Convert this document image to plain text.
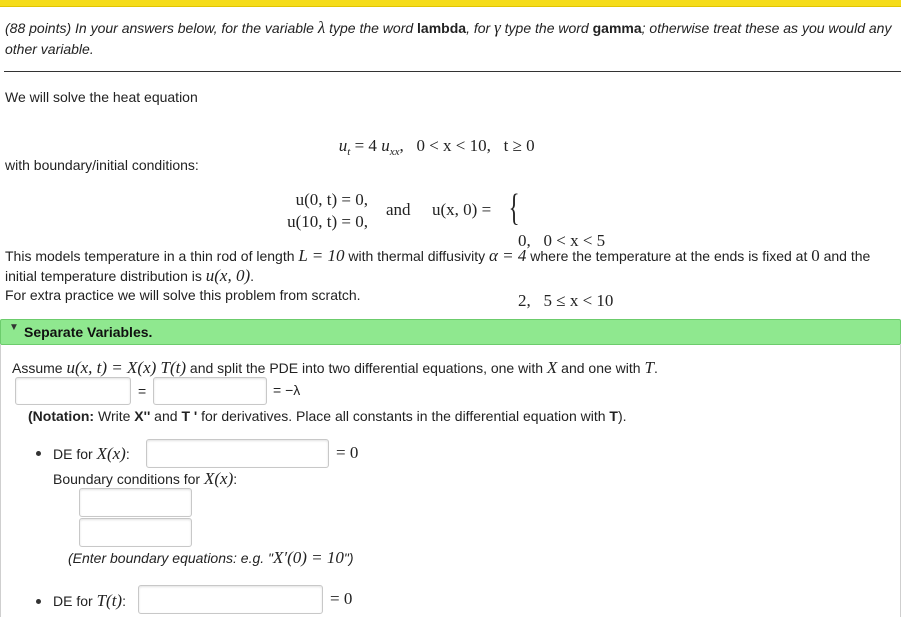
(88 points) In your answers below, for the variable λ type the word lambda, for γ type the word gamma; otherwise treat these as you would any other variable.
We will solve the heat equation

$u_t = 4$ $u_{xx}$,   0 < x < 10,   t ≥ 0

with boundary/initial conditions:
u(0, t) = 0,
u(10, t) = 0,
and u(x, 0) = {

0,   0 < x < 5

2,   5 ≤ x < 10

This models temperature in a thin rod of length L = 10 with thermal diffusivity α = 4 where the temperature at the ends is fixed at 0 and the
initial temperature distribution is u(x, 0).
For extra practice we will solve this problem from scratch.
▼ Separate Variables.
Assume u(x, t) = X(x) T(t) and split the PDE into two differential equations, one with X and one with T.
=	= −λ
(Notation: Write X'' and T ' for derivatives. Place all constants in the differential equation with T).
DE for X(x):	= 0
Boundary conditions for X(x):
(Enter boundary equations: e.g. "X′(0) = 10")
DE for T(t):	= 0
